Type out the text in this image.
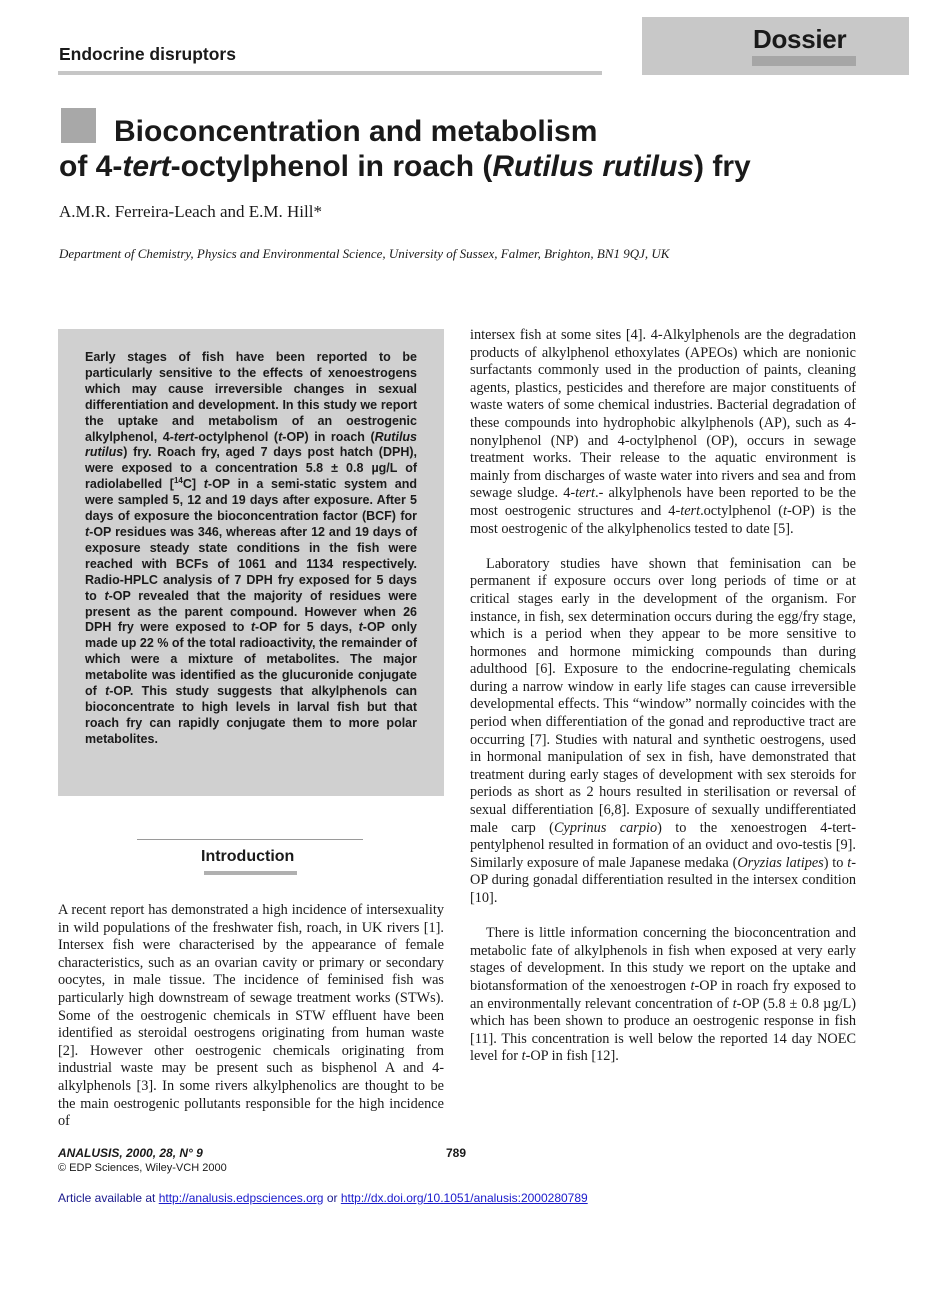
Endocrine disruptors	Dossier
Bioconcentration and metabolism
of 4-tert-octylphenol in roach (Rutilus rutilus) fry
A.M.R. Ferreira-Leach and E.M. Hill*
Department of Chemistry, Physics and Environmental Science, University of Sussex, Falmer, Brighton, BN1 9QJ, UK
Early stages of fish have been reported to be particularly sensitive to the effects of xenoestrogens which may cause irreversible changes in sexual differentiation and development. In this study we report the uptake and metabolism of an oestrogenic alkylphenol, 4-tert-octylphenol (t-OP) in roach (Rutilus rutilus) fry. Roach fry, aged 7 days post hatch (DPH), were exposed to a concentration 5.8 ± 0.8 µg/L of radiolabelled [$^{14}$C] t-OP in a semi-static system and were sampled 5, 12 and 19 days after exposure. After 5 days of exposure the bioconcentration factor (BCF) for t-OP residues was 346, whereas after 12 and 19 days of exposure steady state conditions in the fish were reached with BCFs of 1061 and 1134 respectively. Radio-HPLC analysis of 7 DPH fry exposed for 5 days to t-OP revealed that the majority of residues were present as the parent compound. However when 26 DPH fry were exposed to t-OP for 5 days, t-OP only made up 22 % of the total radioactivity, the remainder of which were a mixture of metabolites. The major metabolite was identified as the glucuronide conjugate of t-OP. This study suggests that alkylphenols can bioconcentrate to high levels in larval fish but that roach fry can rapidly conjugate them to more polar metabolites.
Introduction

A recent report has demonstrated a high incidence of intersexuality in wild populations of the freshwater fish, roach, in UK rivers [1]. Intersex fish were characterised by the appearance of female characteristics, such as an ovarian cavity or primary or secondary oocytes, in male tissue. The incidence of feminised fish was particularly high downstream of sewage treatment works (STWs). Some of the oestrogenic chemicals in STW effluent have been identified as steroidal oestrogens originating from human waste [2]. However other oestrogenic chemicals originating from industrial waste may be present such as bisphenol A and 4-alkylphenols [3]. In some rivers alkylphenolics are thought to be the main oestrogenic pollutants responsible for the high incidence of

intersex fish at some sites [4]. 4-Alkylphenols are the degradation products of alkylphenol ethoxylates (APEOs) which are nonionic surfactants commonly used in the production of paints, cleaning agents, plastics, pesticides and therefore are major constituents of waste waters of some chemical industries. Bacterial degradation of these compounds into hydrophobic alkylphenols (AP), such as 4-nonylphenol (NP) and 4-octylphenol (OP), occurs in sewage treatment works. Their release to the aquatic environment is mainly from discharges of waste water into rivers and sea and from sewage sludge. 4-tert.- alkylphenols have been reported to be the most oestrogenic structures and 4-tert.octylphenol (t-OP) is the most oestrogenic of the alkylphenolics tested to date [5].

Laboratory studies have shown that feminisation can be permanent if exposure occurs over long periods of time or at critical stages early in the development of the organism. For instance, in fish, sex determination occurs during the egg/fry stage, which is a period when they appear to be more sensitive to hormones and hormone mimicking compounds than during adulthood [6]. Exposure to the endocrine-regulating chemicals during a narrow window in early life stages can cause irreversible developmental effects. This “window” normally coincides with the period when differentiation of the gonad and reproductive tract are occurring [7]. Studies with natural and synthetic oestrogens, used in hormonal manipulation of sex in fish, have demonstrated that treatment during early stages of development with sex steroids for periods as short as 2 hours resulted in sterilisation or reversal of sexual differentiation [6,8]. Exposure of sexually undifferentiated male carp (Cyprinus carpio) to the xenoestrogen 4-tert-pentylphenol resulted in formation of an oviduct and ovo-testis [9]. Similarly exposure of male Japanese medaka (Oryzias latipes) to t-OP during gonadal differentiation resulted in the intersex condition [10].

There is little information concerning the bioconcentration and metabolic fate of alkylphenols in fish when exposed at very early stages of development. In this study we report on the uptake and biotansformation of the xenoestrogen t-OP in roach fry exposed to an environmentally relevant concentration of t-OP (5.8 ± 0.8 µg/L) which has been shown to produce an oestrogenic response in fish [11]. This concentration is well below the reported 14 day NOEC level for t-OP in fish [12].

ANALUSIS, 2000, 28, N° 9	789
© EDP Sciences, Wiley-VCH 2000
Article available at http://analusis.edpsciences.org or http://dx.doi.org/10.1051/analusis:2000280789
